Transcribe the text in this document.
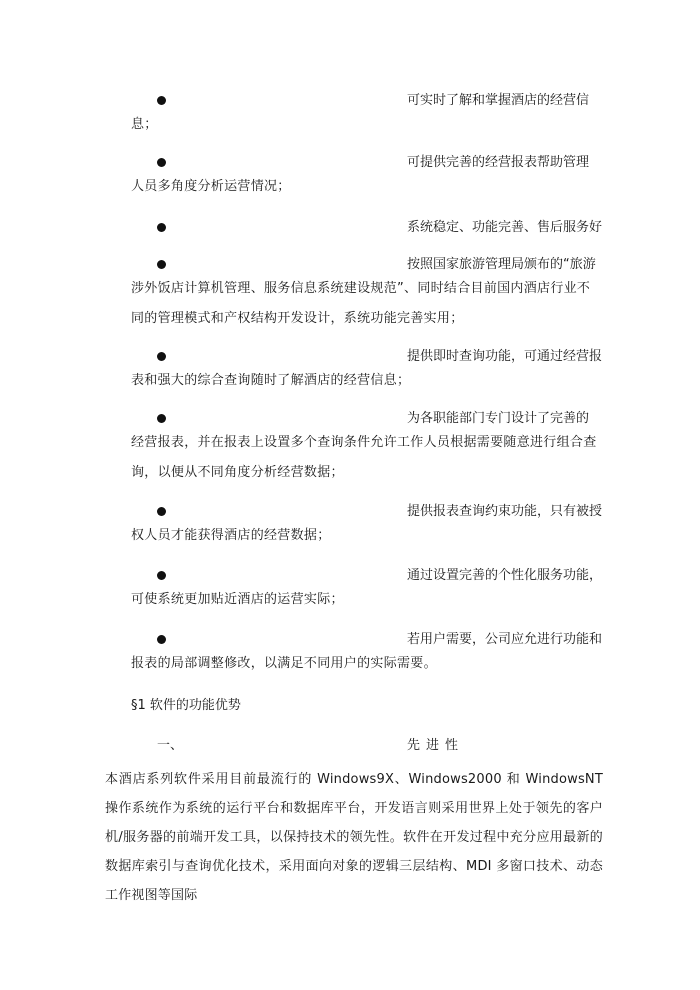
可实时了解和掌握酒店的经营信
息；
可提供完善的经营报表帮助管理
人员多角度分析运营情况；
系统稳定、功能完善、售后服务好
按照国家旅游管理局颁布的“旅游
涉外饭店计算机管理、服务信息系统建设规范”、同时结合目前国内酒店行业不同的管理模式和产权结构开发设计，系统功能完善实用；
提供即时查询功能，可通过经营报
表和强大的综合查询随时了解酒店的经营信息；
为各职能部门专门设计了完善的
经营报表，并在报表上设置多个查询条件允许工作人员根据需要随意进行组合查询，以便从不同角度分析经营数据；
提供报表查询约束功能，只有被授
权人员才能获得酒店的经营数据；
通过设置完善的个性化服务功能，
可使系统更加贴近酒店的运营实际；
若用户需要，公司应允进行功能和
报表的局部调整修改，以满足不同用户的实际需要。
§1 软件的功能优势
一、	先进性
本酒店系列软件采用目前最流行的 Windows9X、Windows2000 和 WindowsNT 操作系统作为系统的运行平台和数据库平台，开发语言则采用世界上处于领先的客户机/服务器的前端开发工具，以保持技术的领先性。软件在开发过程中充分应用最新的数据库索引与查询优化技术，采用面向对象的逻辑三层结构、MDI 多窗口技术、动态工作视图等国际
